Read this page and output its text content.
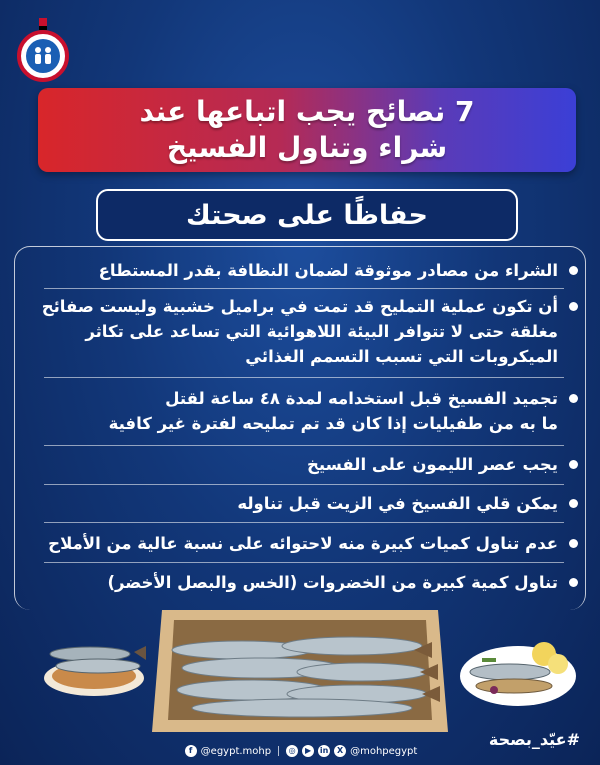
7 نصائح يجب اتباعها عند
شراء وتناول الفسيخ
حفاظًا على صحتك
الشراء من مصادر موثوقة لضمان النظافة بقدر المستطاع
أن تكون عملية التمليح قد تمت في براميل خشبية وليست صفائح
مغلقة حتى لا تتوافر البيئة اللاهوائية التي تساعد على تكاثر
الميكروبات التي تسبب التسمم الغذائي
تجميد الفسيخ قبل استخدامه لمدة ٤٨ ساعة لقتل
ما به من طفيليات إذا كان قد تم تمليحه لفترة غير كافية
يجب عصر الليمون على الفسيخ
يمكن قلي الفسيخ في الزيت قبل تناوله
عدم تناول كميات كبيرة منه لاحتوائه على نسبة عالية من الأملاح
تناول كمية كبيرة من الخضروات (الخس والبصل الأخضر)
#عيّد_بصحة
f @egypt.mohp	◎	▶	in	X @mohpegypt
